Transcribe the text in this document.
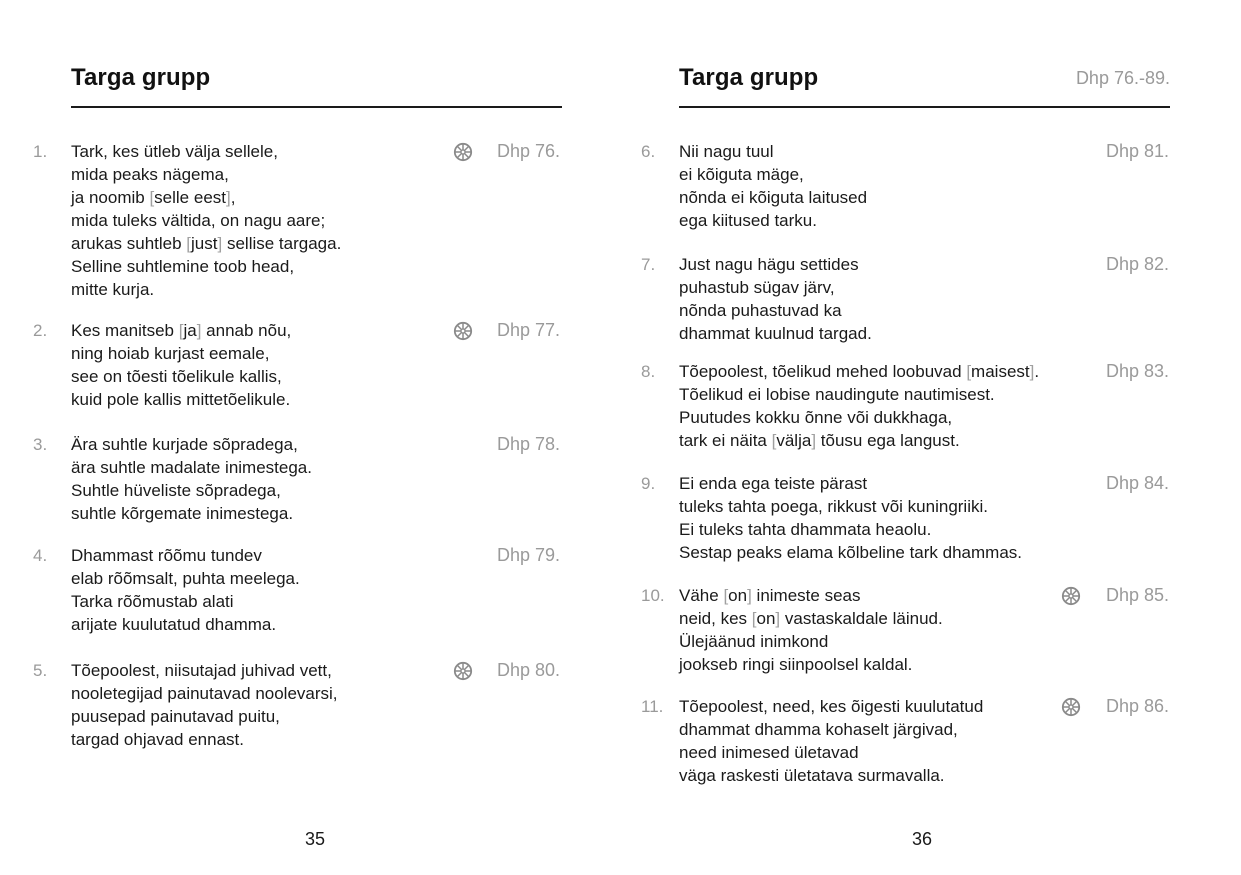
Targa grupp
1. Tark, kes ütleb välja sellele,
mida peaks nägema,
ja noomib [selle eest],
mida tuleks vältida, on nagu aare;
arukas suhtleb [just] sellise targaga.
Selline suhtlemine toob head,
mitte kurja.
Dhp 76.
2. Kes manitseb [ja] annab nõu,
ning hoiab kurjast eemale,
see on tõesti tõelikule kallis,
kuid pole kallis mittetõelikule.
Dhp 77.
3. Ära suhtle kurjade sõpradega,
ära suhtle madalate inimestega.
Suhtle hüveliste sõpradega,
suhtle kõrgemate inimestega.
Dhp 78.
4. Dhammast rõõmu tundev
elab rõõmsalt, puhta meelega.
Tarka rõõmustab alati
arijate kuulutatud dhamma.
Dhp 79.
5. Tõepoolest, niisutajad juhivad vett,
nooletegijad painutavad noolevarsi,
puusepad painutavad puitu,
targad ohjavad ennast.
Dhp 80.
35
Targa grupp	Dhp 76.-89.
6. Nii nagu tuul
ei kõiguta mäge,
nõnda ei kõiguta laitused
ega kiitused tarku.
Dhp 81.
7. Just nagu hägu settides
puhastub sügav järv,
nõnda puhastuvad ka
dhammat kuulnud targad.
Dhp 82.
8. Tõepoolest, tõelikud mehed loobuvad [maisest].
Tõelikud ei lobise naudingute nautimisest.
Puutudes kokku õnne või dukkhaga,
tark ei näita [välja] tõusu ega langust.
Dhp 83.
9. Ei enda ega teiste pärast
tuleks tahta poega, rikkust või kuningriiki.
Ei tuleks tahta dhammata heaolu.
Sestap peaks elama kõlbeline tark dhammas.
Dhp 84.
10. Vähe [on] inimeste seas
neid, kes [on] vastaskaldale läinud.
Ülejäänud inimkond
jookseb ringi siinpoolsel kaldal.
Dhp 85.
11. Tõepoolest, need, kes õigesti kuulutatud
dhammat dhamma kohaselt järgivad,
need inimesed ületavad
väga raskesti ületatava surmavalla.
Dhp 86.
36
